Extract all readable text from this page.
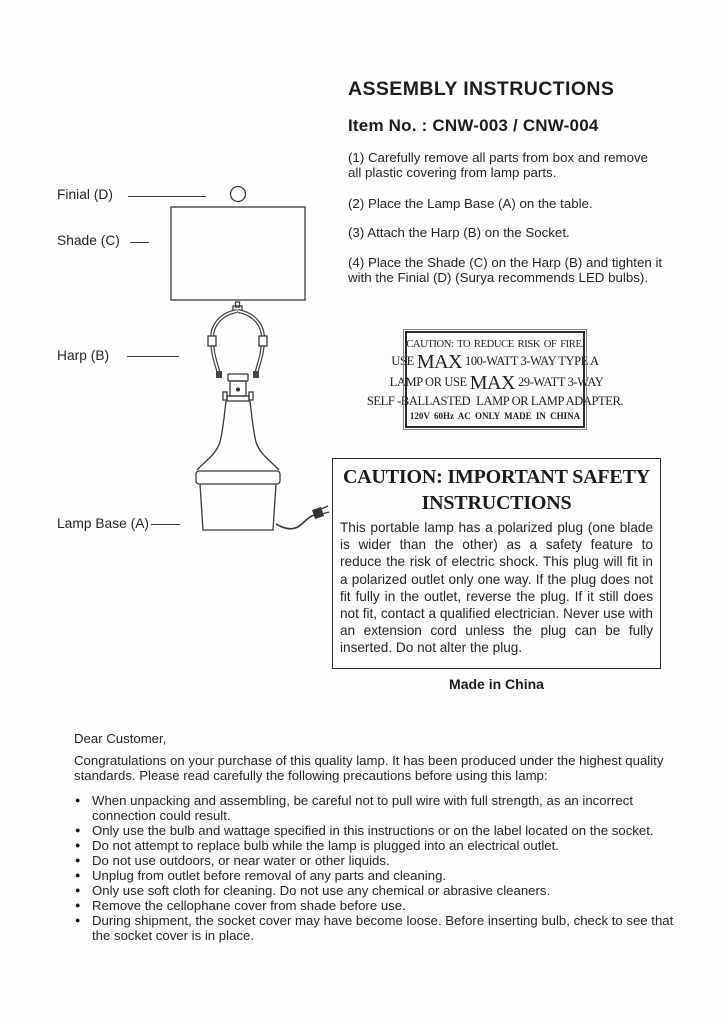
ASSEMBLY INSTRUCTIONS
Item No. : CNW-003 / CNW-004
(1) Carefully remove all parts from box and remove all plastic covering from lamp parts.
(2) Place the Lamp Base (A) on the table.
(3) Attach the Harp (B) on the Socket.
(4) Place the Shade (C) on the Harp (B) and tighten it with the Finial (D) (Surya recommends LED bulbs).
Finial (D)
Shade (C)
Harp (B)
Lamp Base (A)
CAUTION: TO REDUCE RISK OF FIRE.
USE MAX 100-WATT 3-WAY TYPE A
LAMP OR USE MAX 29-WATT 3-WAY
SELF -BALLASTED LAMP OR LAMP ADAPTER.
120V 60Hz AC ONLY MADE IN CHINA
CAUTION: IMPORTANT SAFETY
INSTRUCTIONS
This portable lamp has a polarized plug (one blade is wider than the other) as a safety feature to reduce the risk of electric shock. This plug will fit in a polarized outlet only one way. If the plug does not fit fully in the outlet, reverse the plug. If it still does not fit, contact a qualified electrician. Never use with an extension cord unless the plug can be fully inserted. Do not alter the plug.
Made in China

Dear Customer,

Congratulations on your purchase of this quality lamp. It has been produced under the highest quality standards. Please read carefully the following precautions before using this lamp:

● When unpacking and assembling, be careful not to pull wire with full strength, as an incorrect connection could result.
● Only use the bulb and wattage specified in this instructions or on the label located on the socket.
● Do not attempt to replace bulb while the lamp is plugged into an electrical outlet.
● Do not use outdoors, or near water or other liquids.
● Unplug from outlet before removal of any parts and cleaning.
● Only use soft cloth for cleaning. Do not use any chemical or abrasive cleaners.
● Remove the cellophane cover from shade before use.
● During shipment, the socket cover may have become loose. Before inserting bulb, check to see that the socket cover is in place.
